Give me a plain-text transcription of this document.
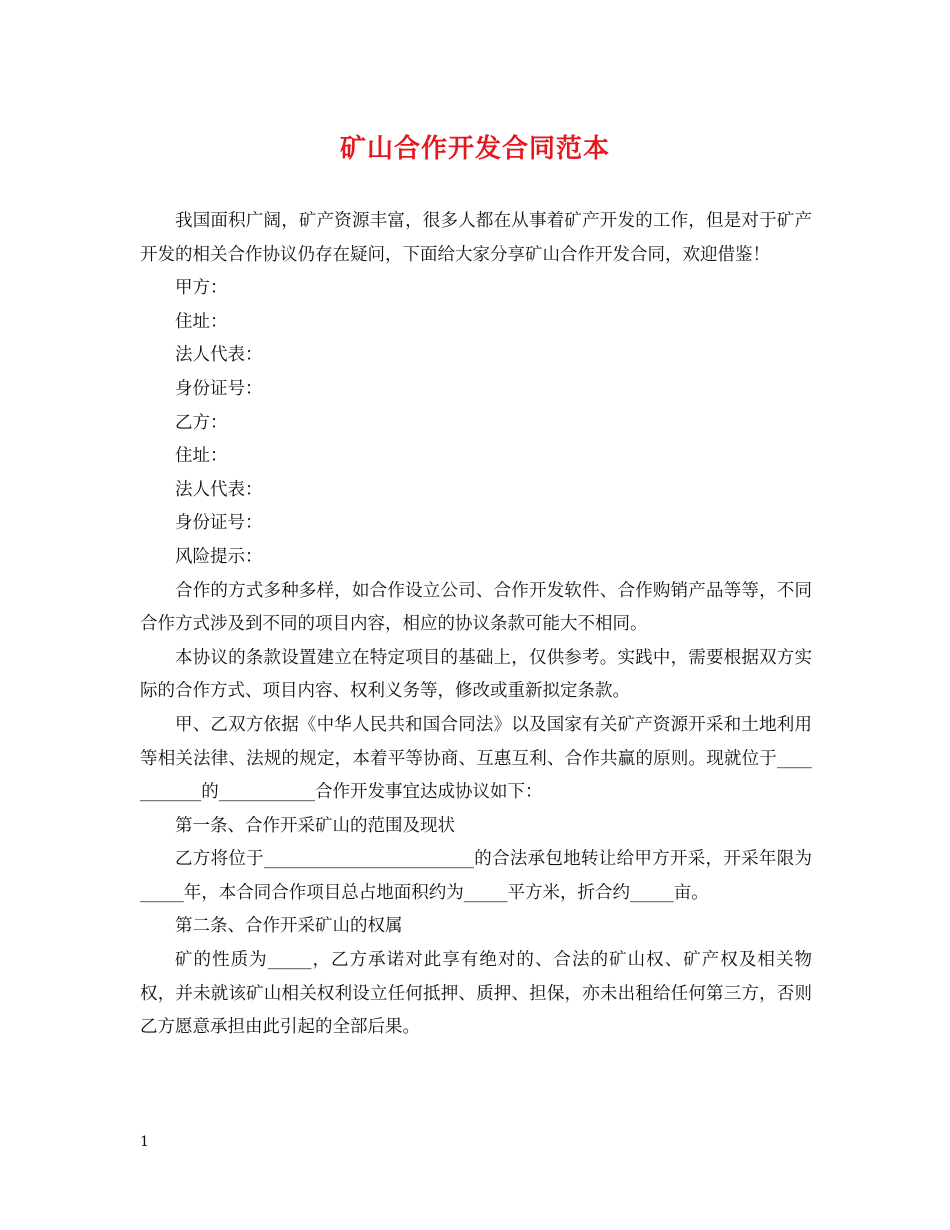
矿山合作开发合同范本

我国面积广阔，矿产资源丰富，很多人都在从事着矿产开发的工作，但是对于矿产开发的相关合作协议仍存在疑问，下面给大家分享矿山合作开发合同，欢迎借鉴！

甲方：

住址：

法人代表：

身份证号：

乙方：

住址：

法人代表：

身份证号：

风险提示：

合作的方式多种多样，如合作设立公司、合作开发软件、合作购销产品等等，不同合作方式涉及到不同的项目内容，相应的协议条款可能大不相同。

本协议的条款设置建立在特定项目的基础上，仅供参考。实践中，需要根据双方实际的合作方式、项目内容、权利义务等，修改或重新拟定条款。

甲、乙双方依据《中华人民共和国合同法》以及国家有关矿产资源开采和土地利用等相关法律、法规的规定，本着平等协商、互惠互利、合作共赢的原则。现就位于___________的___________合作开发事宜达成协议如下：

第一条、合作开采矿山的范围及现状

乙方将位于________________________的合法承包地转让给甲方开采，开采年限为_____年，本合同合作项目总占地面积约为_____平方米，折合约_____亩。

第二条、合作开采矿山的权属

矿的性质为_____，乙方承诺对此享有绝对的、合法的矿山权、矿产权及相关物权，并未就该矿山相关权利设立任何抵押、质押、担保，亦未出租给任何第三方，否则乙方愿意承担由此引起的全部后果。

1
